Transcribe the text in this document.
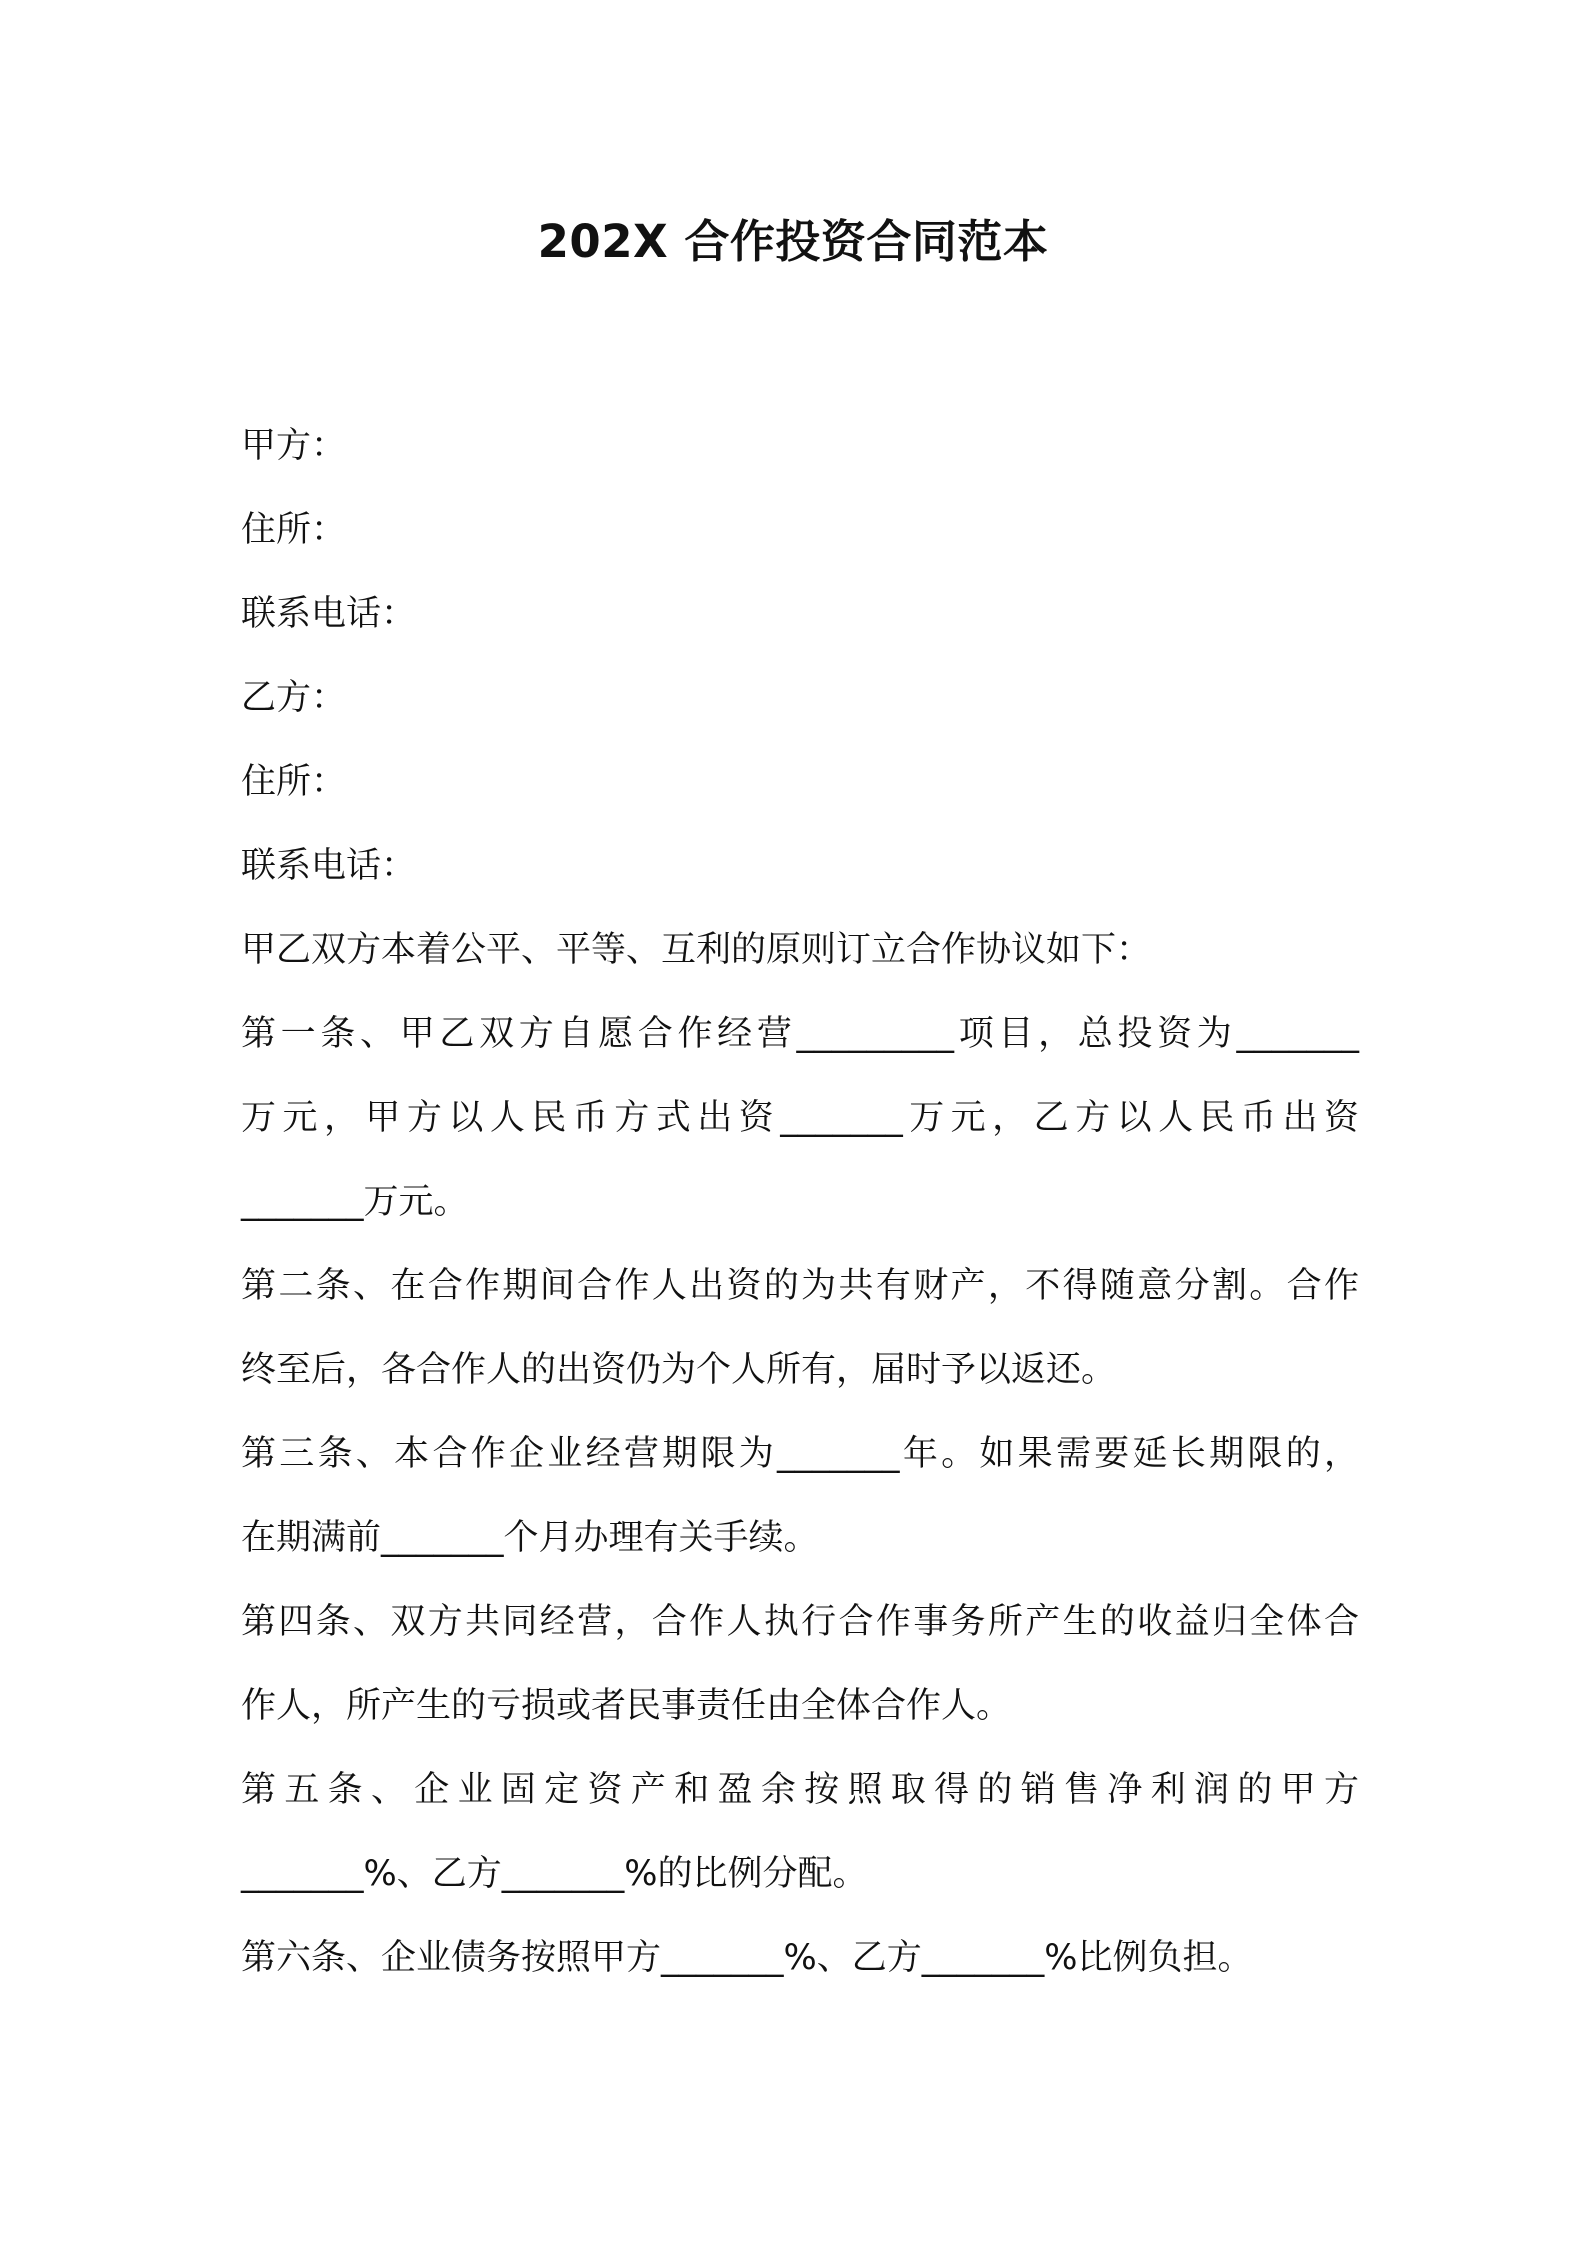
202X 合作投资合同范本
甲方：
住所：
联系电话：
乙方：
住所：
联系电话：
甲乙双方本着公平、平等、互利的原则订立合作协议如下：
第一条、甲乙双方自愿合作经营_________项目，总投资为_______
万元，甲方以人民币方式出资_______万元，乙方以人民币出资
_______万元。
第二条、在合作期间合作人出资的为共有财产，不得随意分割。合作
终至后，各合作人的出资仍为个人所有，届时予以返还。
第三条、本合作企业经营期限为_______年。如果需要延长期限的，
在期满前_______个月办理有关手续。
第四条、双方共同经营，合作人执行合作事务所产生的收益归全体合
作人，所产生的亏损或者民事责任由全体合作人。
第五条、企业固定资产和盈余按照取得的销售净利润的甲方
_______%、乙方_______%的比例分配。
第六条、企业债务按照甲方_______%、乙方_______%比例负担。
